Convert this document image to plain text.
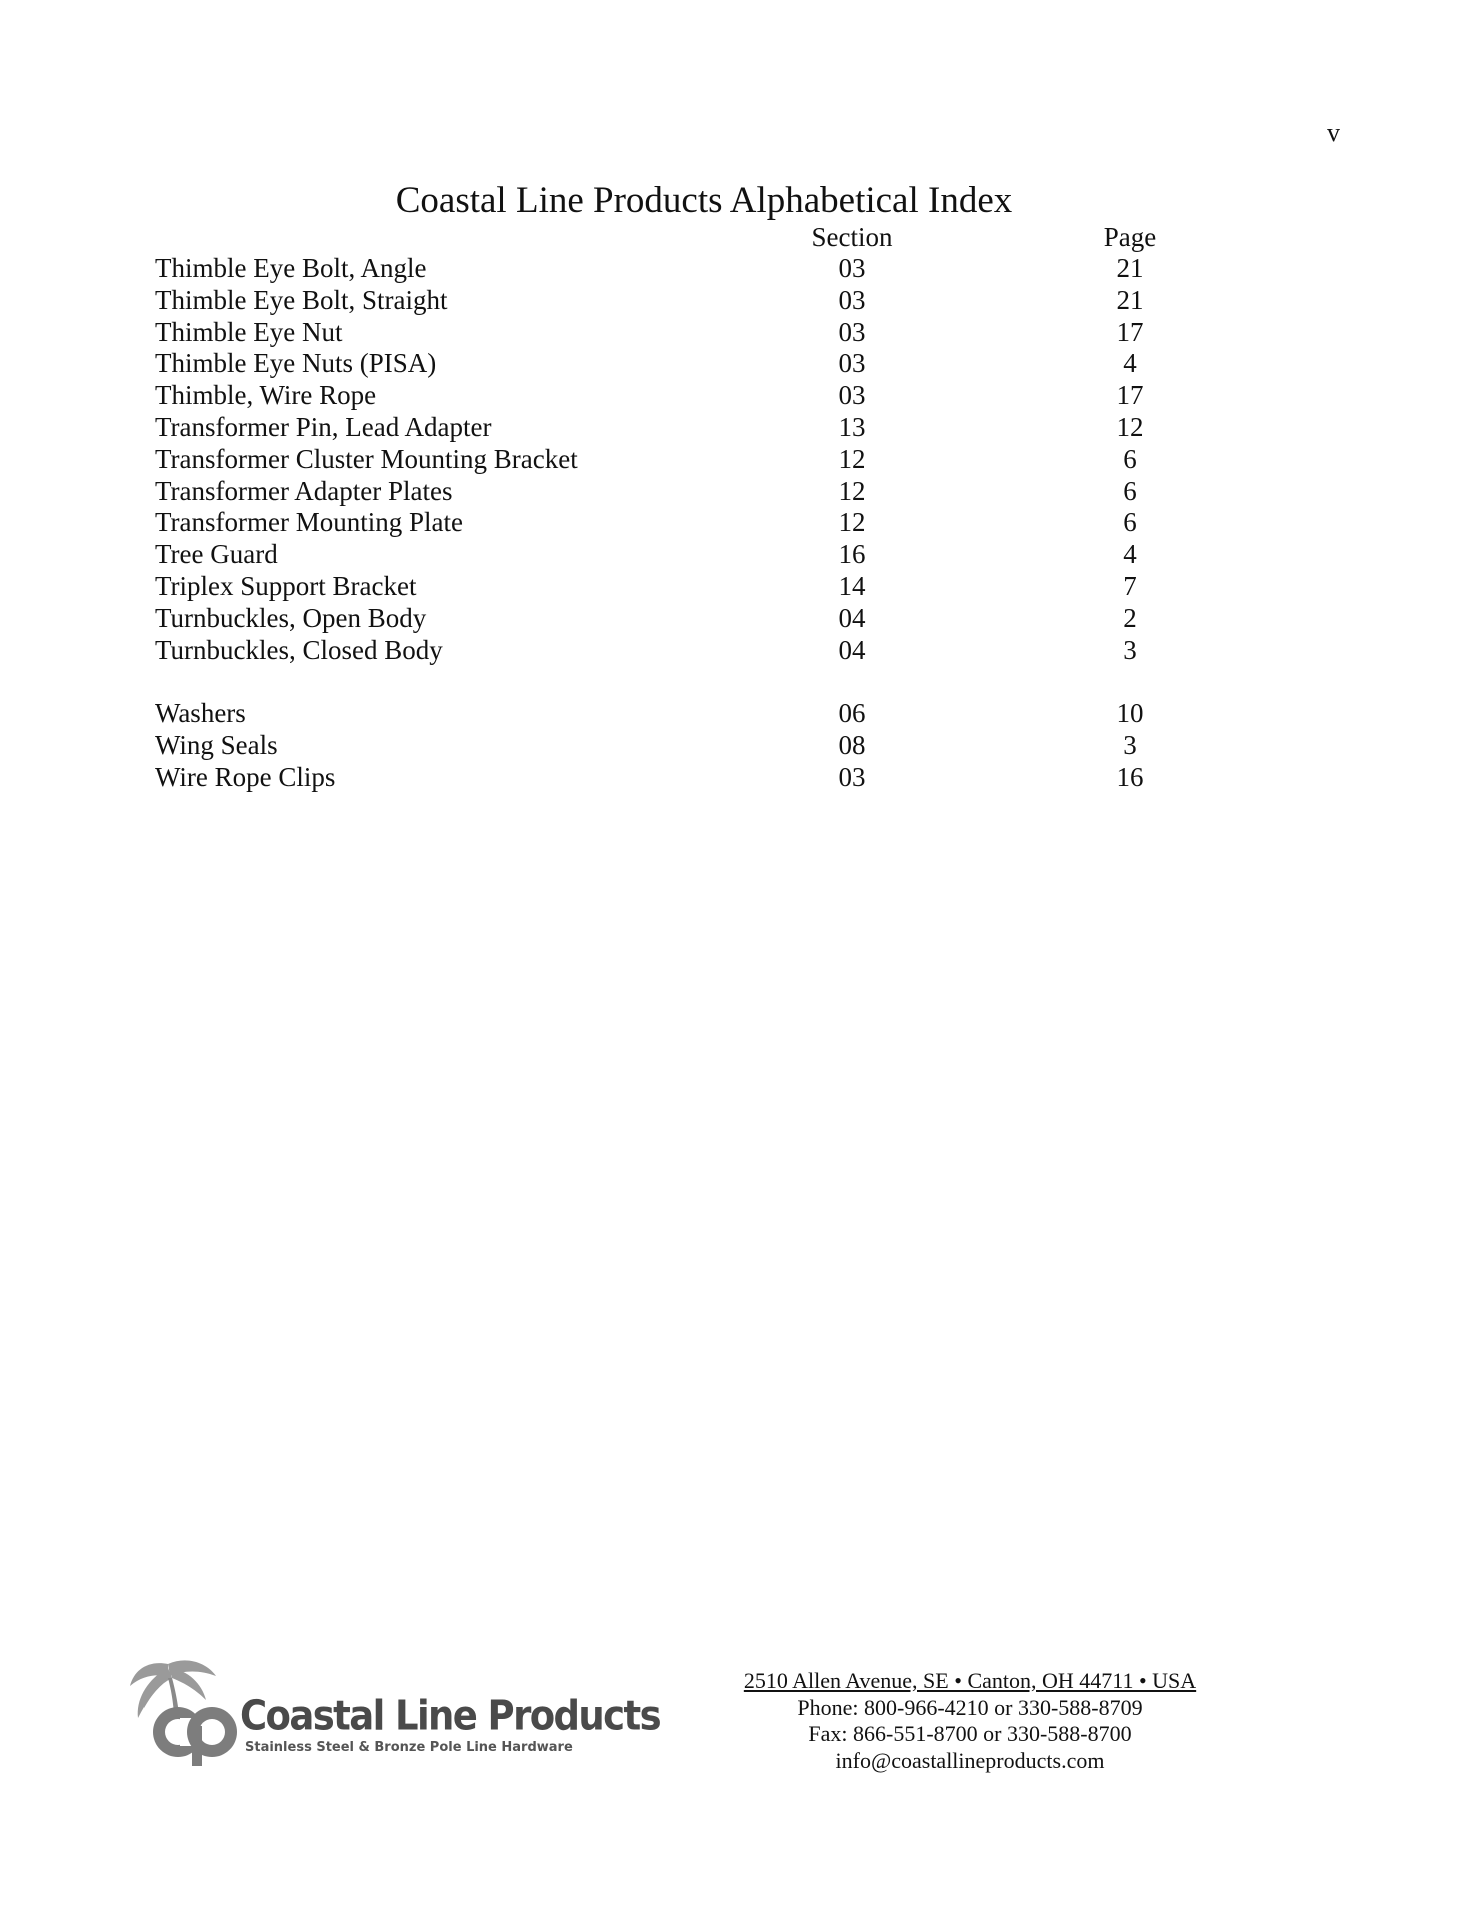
v
Coastal Line Products Alphabetical Index
Section	Page
Thimble Eye Bolt, Angle	03	21
Thimble Eye Bolt, Straight	03	21
Thimble Eye Nut	03	17
Thimble Eye Nuts (PISA)	03	4
Thimble, Wire Rope	03	17
Transformer Pin, Lead Adapter	13	12
Transformer Cluster Mounting Bracket	12	6
Transformer Adapter Plates	12	6
Transformer Mounting Plate	12	6
Tree Guard	16	4
Triplex Support Bracket	14	7
Turnbuckles, Open Body	04	2
Turnbuckles, Closed Body	04	3
Washers	06	10
Wing Seals	08	3
Wire Rope Clips	03	16
Coastal Line Products
Stainless Steel & Bronze Pole Line Hardware
2510 Allen Avenue, SE • Canton, OH 44711 • USA
Phone: 800-966-4210 or 330-588-8709
Fax: 866-551-8700 or 330-588-8700
info@coastallineproducts.com
